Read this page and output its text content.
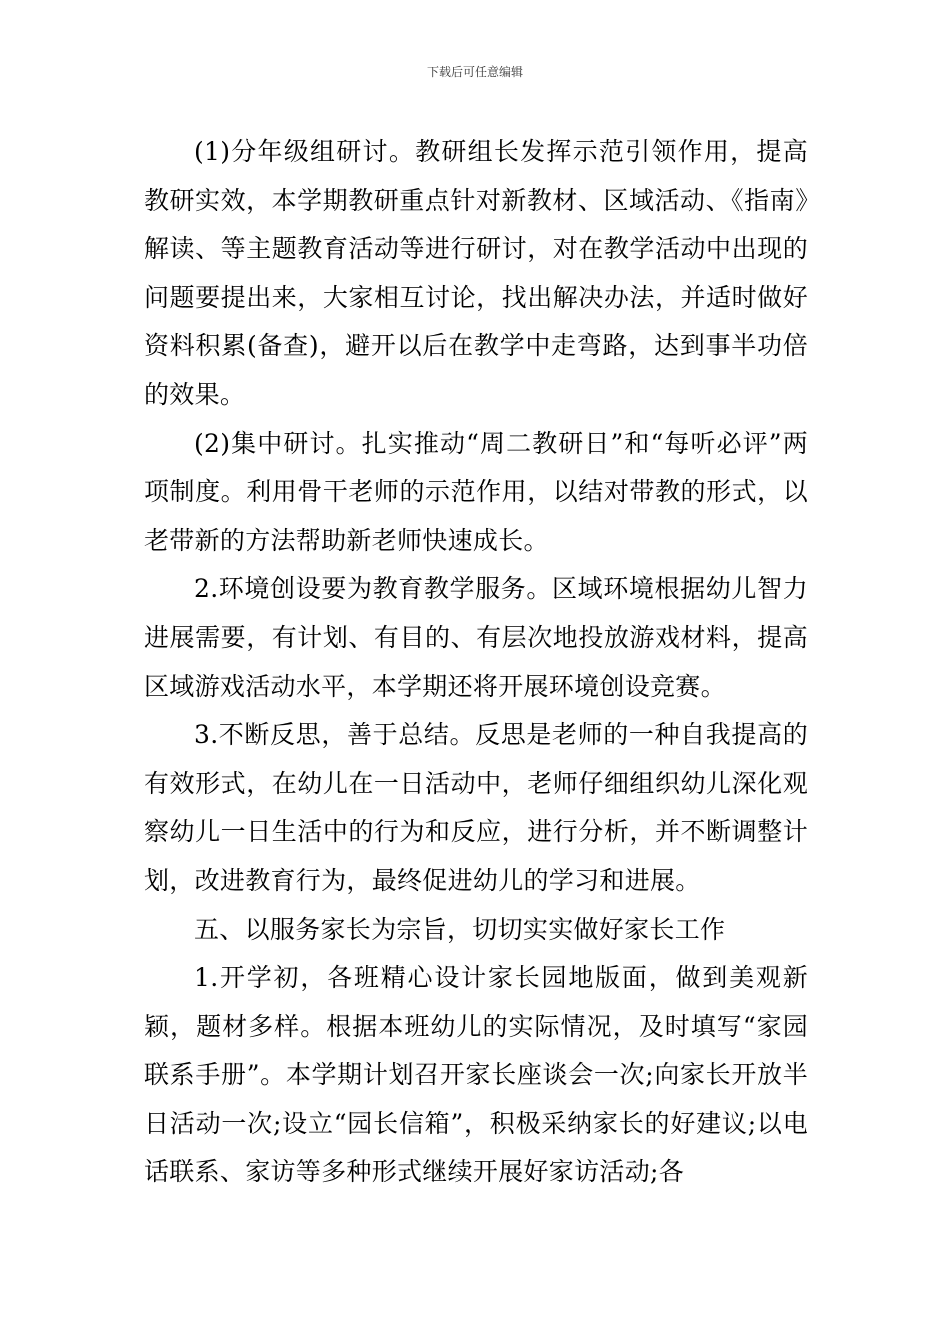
下载后可任意编辑

(1)分年级组研讨。教研组长发挥示范引领作用，提高教研实效，本学期教研重点针对新教材、区域活动、《指南》解读、等主题教育活动等进行研讨，对在教学活动中出现的问题要提出来，大家相互讨论，找出解决办法，并适时做好资料积累(备查)，避开以后在教学中走弯路，达到事半功倍的效果。

(2)集中研讨。扎实推动“周二教研日”和“每听必评”两项制度。利用骨干老师的示范作用，以结对带教的形式，以老带新的方法帮助新老师快速成长。

2.环境创设要为教育教学服务。区域环境根据幼儿智力进展需要，有计划、有目的、有层次地投放游戏材料，提高区域游戏活动水平，本学期还将开展环境创设竞赛。

3.不断反思，善于总结。反思是老师的一种自我提高的有效形式，在幼儿在一日活动中，老师仔细组织幼儿深化观察幼儿一日生活中的行为和反应，进行分析，并不断调整计划，改进教育行为，最终促进幼儿的学习和进展。

五、以服务家长为宗旨，切切实实做好家长工作

1.开学初，各班精心设计家长园地版面，做到美观新颖，题材多样。根据本班幼儿的实际情况，及时填写“家园联系手册”。本学期计划召开家长座谈会一次;向家长开放半日活动一次;设立“园长信箱”，积极采纳家长的好建议;以电话联系、家访等多种形式继续开展好家访活动;各
